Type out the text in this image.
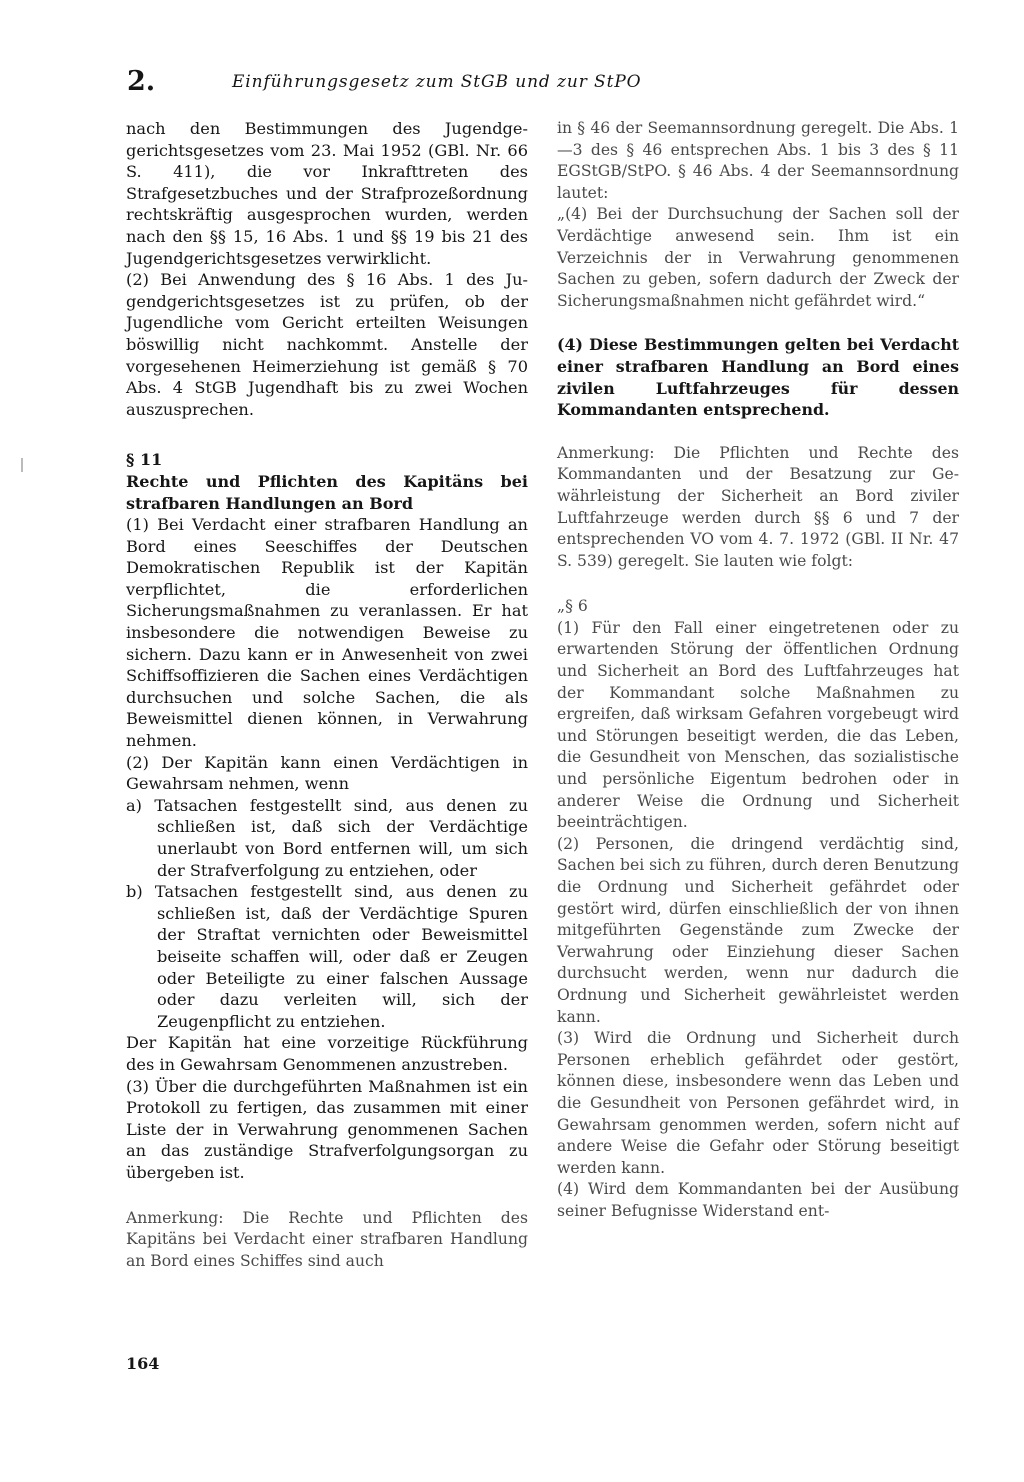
2.	Einführungsgesetz zum StGB und zur StPO

nach den Bestimmungen des Jugendgegerichtsgesetzes vom 23. Mai 1952 (GBl. Nr. 66 S. 411), die vor Inkrafttreten des Strafgesetzbuches und der Strafprozeßordnung rechtskräftig ausgesprochen wurden, werden nach den §§ 15, 16 Abs. 1 und §§ 19 bis 21 des Jugendgerichtsgesetzes verwirklicht.

(2) Bei Anwendung des § 16 Abs. 1 des Jugendgerichtsgesetzes ist zu prüfen, ob der Jugendliche vom Gericht erteilten Weisungen böswillig nicht nachkommt. Anstelle der vorgesehenen Heimerziehung ist gemäß § 70 Abs. 4 StGB Jugendhaft bis zu zwei Wochen auszusprechen.

§ 11

Rechte und Pflichten des Kapitäns bei strafbaren Handlungen an Bord

(1) Bei Verdacht einer strafbaren Handlung an Bord eines Seeschiffes der Deutschen Demokratischen Republik ist der Kapitän verpflichtet, die erforderlichen Sicherungsmaßnahmen zu veranlassen. Er hat insbesondere die notwendigen Beweise zu sichern. Dazu kann er in Anwesenheit von zwei Schiffsoffizieren die Sachen eines Verdächtigen durchsuchen und solche Sachen, die als Beweismittel dienen können, in Verwahrung nehmen.

(2) Der Kapitän kann einen Verdächtigen in Gewahrsam nehmen, wenn

a) Tatsachen festgestellt sind, aus denen zu schließen ist, daß sich der Verdächtige unerlaubt von Bord entfernen will, um sich der Strafverfolgung zu entziehen, oder

b) Tatsachen festgestellt sind, aus denen zu schließen ist, daß der Verdächtige Spuren der Straftat vernichten oder Beweismittel beiseite schaffen will, oder daß er Zeugen oder Beteiligte zu einer falschen Aussage oder dazu verleiten will, sich der Zeugenpflicht zu entziehen.

Der Kapitän hat eine vorzeitige Rückführung des in Gewahrsam Genommenen anzustreben.

(3) Über die durchgeführten Maßnahmen ist ein Protokoll zu fertigen, das zusammen mit einer Liste der in Verwahrung genommenen Sachen an das zuständige Strafverfolgungsorgan zu übergeben ist.

Anmerkung: Die Rechte und Pflichten des Kapitäns bei Verdacht einer strafbaren Handlung an Bord eines Schiffes sind auch

in § 46 der Seemannsordnung geregelt. Die Abs. 1—3 des § 46 entsprechen Abs. 1 bis 3 des § 11 EGStGB/StPO. § 46 Abs. 4 der Seemannsordnung lautet:

„(4) Bei der Durchsuchung der Sachen soll der Verdächtige anwesend sein. Ihm ist ein Verzeichnis der in Verwahrung genommenen Sachen zu geben, sofern dadurch der Zweck der Sicherungsmaßnahmen nicht gefährdet wird.“

(4) Diese Bestimmungen gelten bei Verdacht einer strafbaren Handlung an Bord eines zivilen Luftfahrzeuges für dessen Kommandanten entsprechend.

Anmerkung: Die Pflichten und Rechte des Kommandanten und der Besatzung zur Gewährleistung der Sicherheit an Bord ziviler Luftfahrzeuge werden durch §§ 6 und 7 der entsprechenden VO vom 4. 7. 1972 (GBl. II Nr. 47 S. 539) geregelt. Sie lauten wie folgt:

„§ 6

(1) Für den Fall einer eingetretenen oder zu erwartenden Störung der öffentlichen Ordnung und Sicherheit an Bord des Luftfahrzeuges hat der Kommandant solche Maßnahmen zu ergreifen, daß wirksam Gefahren vorgebeugt wird und Störungen beseitigt werden, die das Leben, die Gesundheit von Menschen, das sozialistische und persönliche Eigentum bedrohen oder in anderer Weise die Ordnung und Sicherheit beeinträchtigen.

(2) Personen, die dringend verdächtig sind, Sachen bei sich zu führen, durch deren Benutzung die Ordnung und Sicherheit gefährdet oder gestört wird, dürfen einschließlich der von ihnen mitgeführten Gegenstände zum Zwecke der Verwahrung oder Einziehung dieser Sachen durchsucht werden, wenn nur dadurch die Ordnung und Sicherheit gewährleistet werden kann.

(3) Wird die Ordnung und Sicherheit durch Personen erheblich gefährdet oder gestört, können diese, insbesondere wenn das Leben und die Gesundheit von Personen gefährdet wird, in Gewahrsam genommen werden, sofern nicht auf andere Weise die Gefahr oder Störung beseitigt werden kann.

(4) Wird dem Kommandanten bei der Ausübung seiner Befugnisse Widerstand ent-

164
